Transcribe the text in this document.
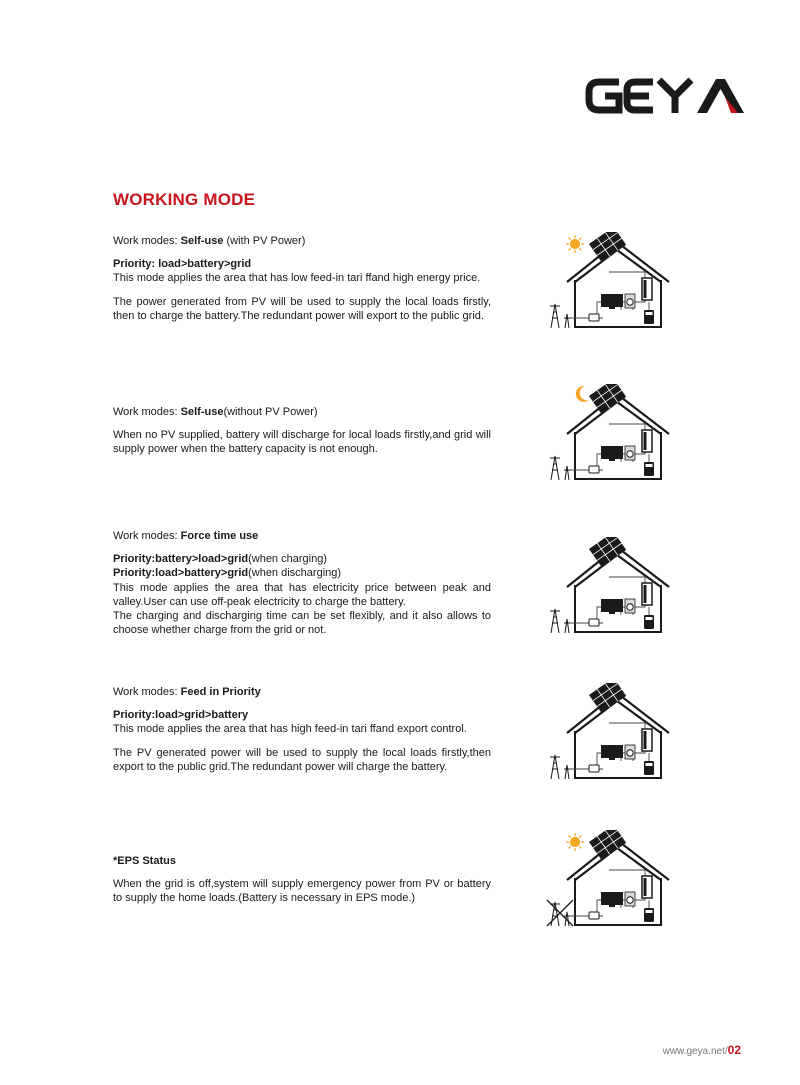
GEYA
WORKING MODE

Work modes: Self-use (with PV Power)

Priority: load>battery>grid

This mode applies the area that has low feed-in tari ffand high energy price.

The power generated from PV will be used to supply the local loads firstly, then to charge the battery.The redundant power will export to the public grid.

Work modes: Self-use(without PV Power)

When no PV supplied, battery will discharge for local loads firstly,and grid will supply power when the battery capacity is not enough.

Work modes: Force time use

Priority:battery>load>grid(when charging)

Priority:load>battery>grid(when discharging)

This mode applies the area that has electricity price between peak and valley.User can use off-peak electricity to charge the battery.

The charging and discharging time can be set flexibly, and it also allows to choose whether charge from the grid or not.

Work modes: Feed in Priority

Priority:load>grid>battery

This mode applies the area that has high feed-in tari ffand export control.

The PV generated power will be used to supply the local loads firstly,then export to the public grid.The redundant power will charge the battery.

*EPS Status

When the grid is off,system will supply emergency power from PV or battery to supply the home loads.(Battery is necessary in EPS mode.)

www.geya.net/02
